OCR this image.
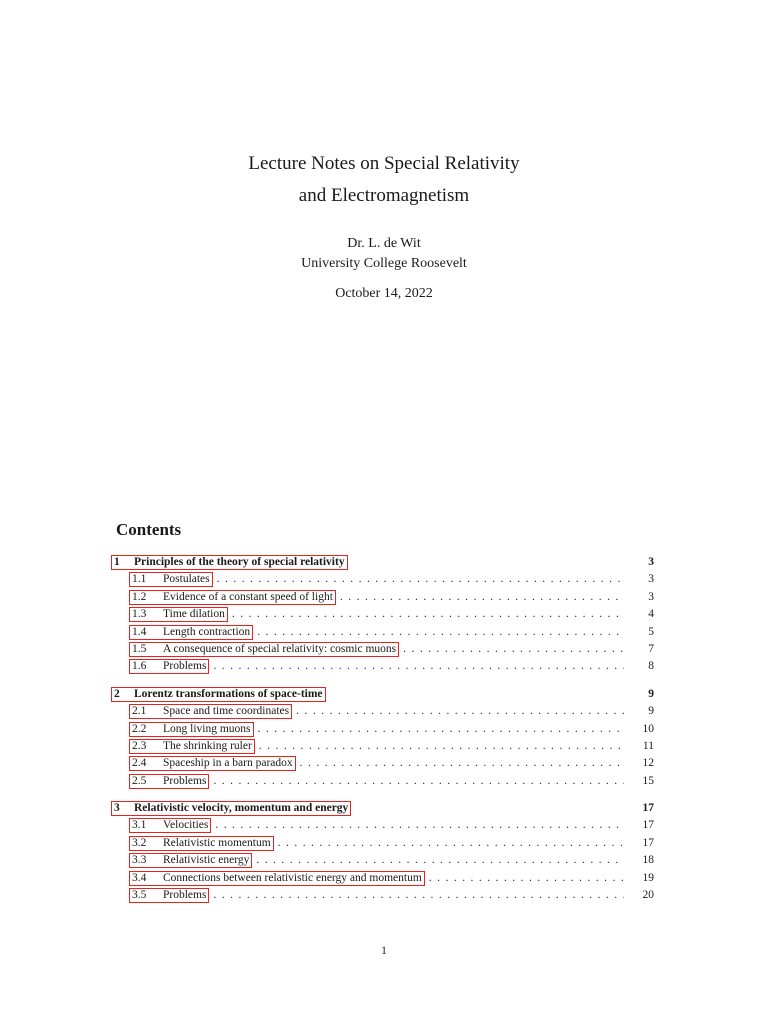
Lecture Notes on Special Relativity
and Electromagnetism
Dr. L. de Wit
University College Roosevelt
October 14, 2022
Contents
1	Principles of the theory of special relativity	3
1.1	Postulates . . .	3
1.2	Evidence of a constant speed of light . . .	3
1.3	Time dilation . . .	4
1.4	Length contraction . . .	5
1.5	A consequence of special relativity: cosmic muons . . .	7
1.6	Problems . . .	8
2	Lorentz transformations of space-time	9
2.1	Space and time coordinates . . .	9
2.2	Long living muons . . .	10
2.3	The shrinking ruler . . .	11
2.4	Spaceship in a barn paradox . . .	12
2.5	Problems . . .	15
3	Relativistic velocity, momentum and energy	17
3.1	Velocities . . .	17
3.2	Relativistic momentum . . .	17
3.3	Relativistic energy . . .	18
3.4	Connections between relativistic energy and momentum . . .	19
3.5	Problems . . .	20
1
